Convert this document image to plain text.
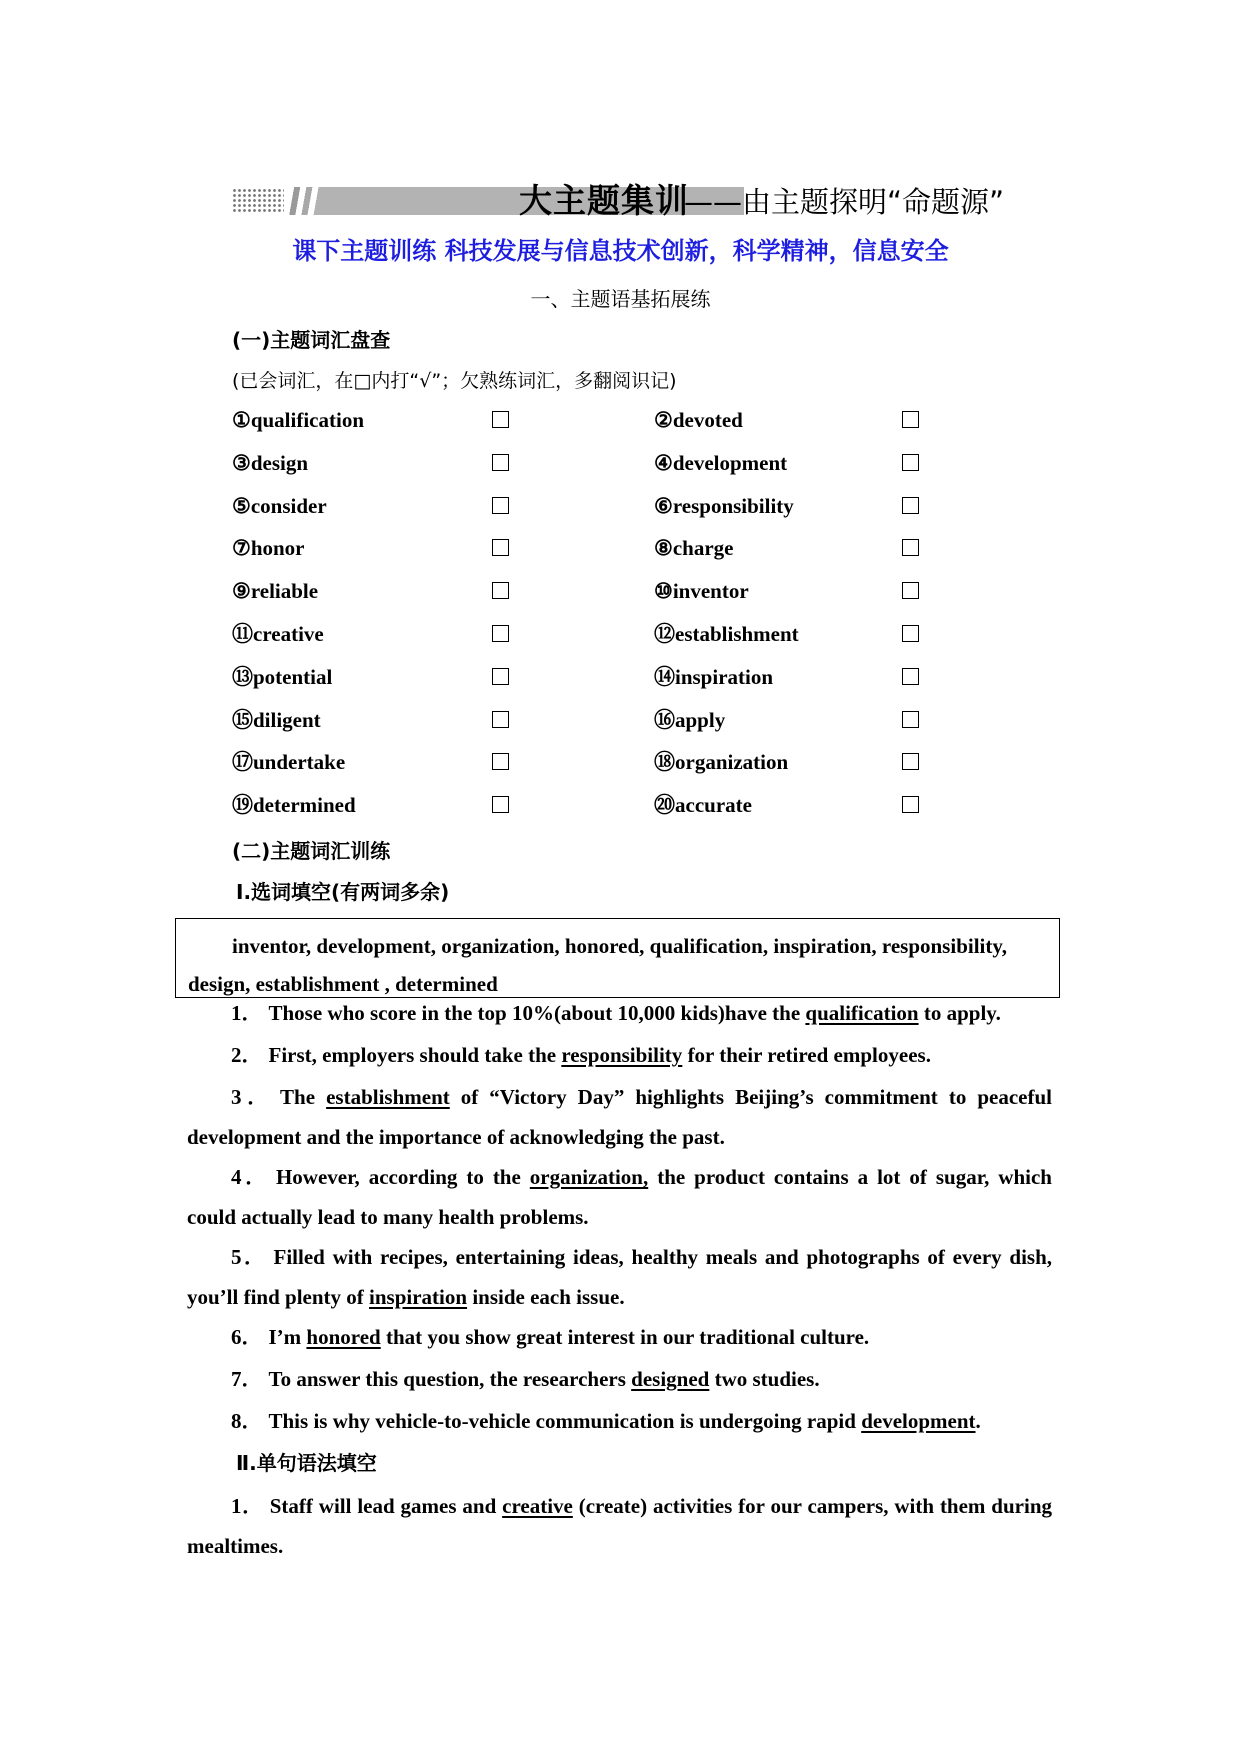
大主题集训
——由主题探明“命题源”
课下主题训练 科技发展与信息技术创新，科学精神，信息安全
一、主题语基拓展练
(一)主题词汇盘查
(已会词汇，在□内打“√”；欠熟练词汇，多翻阅识记)
①qualification	②devoted
③design	④development
⑤consider	⑥responsibility
⑦honor	⑧charge
⑨reliable	⑩inventor
⑪creative	⑫establishment
⑬potential	⑭inspiration
⑮diligent	⑯apply
⑰undertake	⑱organization
⑲determined	⑳accurate
(二)主题词汇训练
Ⅰ.选词填空(有两词多余)

inventor, development, organization, honored, qualification, inspiration, responsibility, design, establishment , determined

1． Those who score in the top 10%(about 10,000 kids)have the qualification to apply.
2． First, employers should take the responsibility for their retired employees.
3． The establishment of “Victory Day” highlights Beijing’s commitment to peaceful development and the importance of acknowledging the past.
4． However, according to the organization, the product contains a lot of sugar, which could actually lead to many health problems.
5． Filled with recipes, entertaining ideas, healthy meals and photographs of every dish, you’ll find plenty of inspiration inside each issue.
6． I’m honored that you show great interest in our traditional culture.
7． To answer this question, the researchers designed two studies.
8． This is why vehicle-to-vehicle communication is undergoing rapid development.
Ⅱ.单句语法填空
1． Staff will lead games and creative (create) activities for our campers, with them during mealtimes.
